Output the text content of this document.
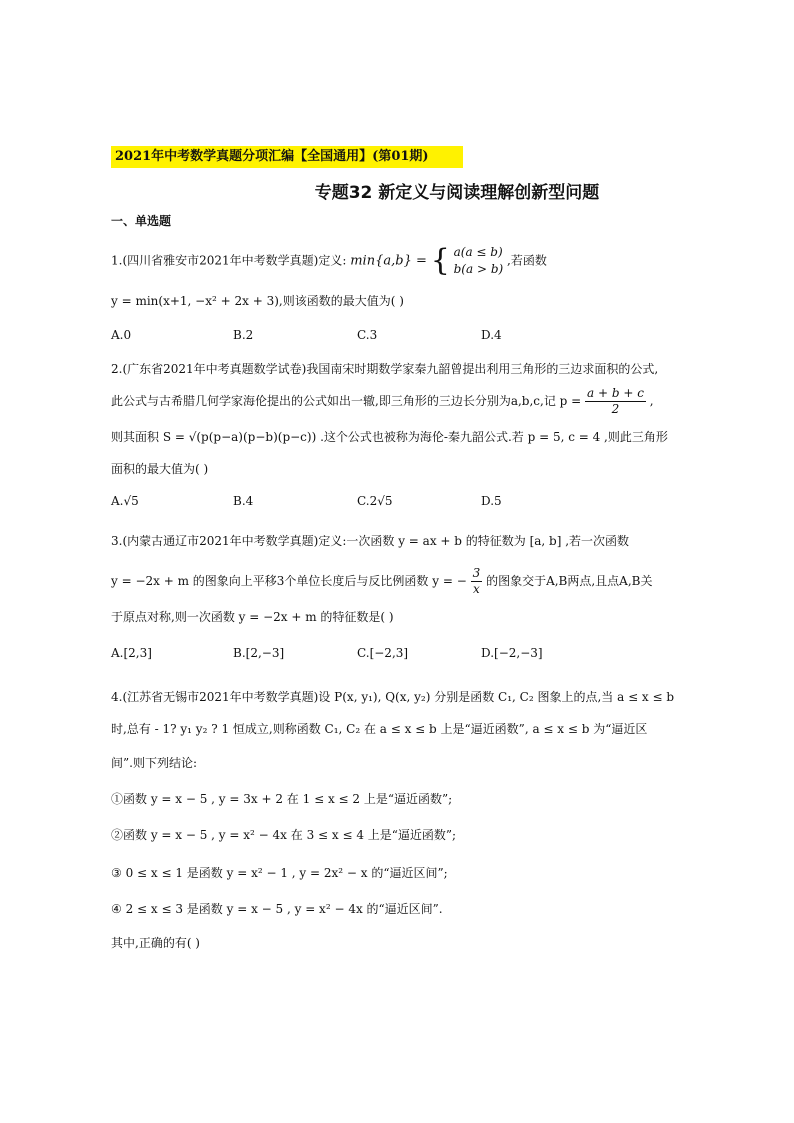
2021年中考数学真题分项汇编【全国通用】(第01期)
专题32 新定义与阅读理解创新型问题
一、单选题
1.(四川省雅安市2021年中考数学真题)定义: min{a,b} = { a(a ≤ b)
b(a > b)
,若函数
y = min(x+1, −x² + 2x + 3),则该函数的最大值为( )
A.0	B.2	C.3	D.4
2.(广东省2021年中考真题数学试卷)我国南宋时期数学家秦九韶曾提出利用三角形的三边求面积的公式,
此公式与古希腊几何学家海伦提出的公式如出一辙,即三角形的三边长分别为a,b,c,记 $p = \frac{a + b + c}{2}$ ,
则其面积 S = √(p(p−a)(p−b)(p−c)) .这个公式也被称为海伦-秦九韶公式.若 p = 5, c = 4 ,则此三角形
面积的最大值为( )
A.√5	B.4	C.2√5	D.5
3.(内蒙古通辽市2021年中考数学真题)定义:一次函数 y = ax + b 的特征数为 [a, b] ,若一次函数
y = −2x + m 的图象向上平移3个单位长度后与反比例函数 y = − $\frac{3}{x}$ 的图象交于A,B两点,且点A,B关
于原点对称,则一次函数 y = −2x + m 的特征数是( )
A.[2,3]	B.[2,−3]	C.[−2,3]	D.[−2,−3]
4.(江苏省无锡市2021年中考数学真题)设 P(x, y₁), Q(x, y₂) 分别是函数 C₁, C₂ 图象上的点,当 a ≤ x ≤ b
时,总有 - 1? y₁ y₂ ? 1 恒成立,则称函数 C₁, C₂ 在 a ≤ x ≤ b 上是“逼近函数”, a ≤ x ≤ b 为“逼近区
间”.则下列结论:
①函数 y = x − 5 , y = 3x + 2 在 1 ≤ x ≤ 2 上是“逼近函数”;
②函数 y = x − 5 , y = x² − 4x 在 3 ≤ x ≤ 4 上是“逼近函数”;
③ 0 ≤ x ≤ 1 是函数 y = x² − 1 , y = 2x² − x 的“逼近区间”;
④ 2 ≤ x ≤ 3 是函数 y = x − 5 , y = x² − 4x 的“逼近区间”.
其中,正确的有( )
